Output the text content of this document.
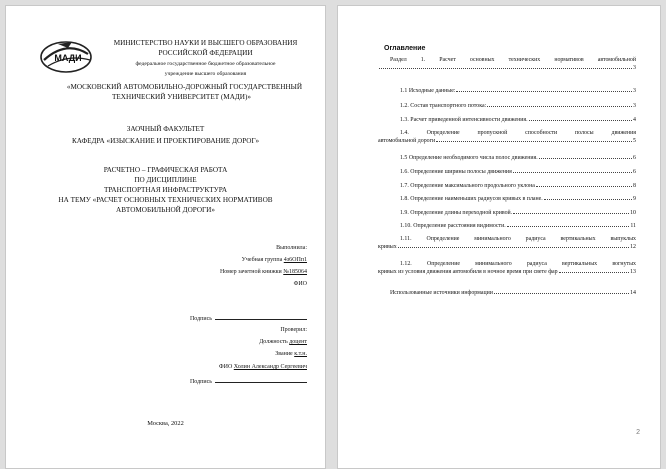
МАДИ
МИНИСТЕРСТВО НАУКИ И ВЫСШЕГО ОБРАЗОВАНИЯ
РОССИЙСКОЙ ФЕДЕРАЦИИ
федеральное государственное бюджетное образовательное
учреждение высшего образования
«МОСКОВСКИЙ АВТОМОБИЛЬНО-ДОРОЖНЫЙ ГОСУДАРСТВЕННЫЙ
ТЕХНИЧЕСКИЙ УНИВЕРСИТЕТ (МАДИ)»
ЗАОЧНЫЙ ФАКУЛЬТЕТ
КАФЕДРА «ИЗЫСКАНИЕ И ПРОЕКТИРОВАНИЕ ДОРОГ»
РАСЧЕТНО – ГРАФИЧЕСКАЯ РАБОТА
ПО ДИСЦИПЛИНЕ
ТРАНСПОРТНАЯ ИНФРАСТРУКТУРА
НА ТЕМУ «РАСЧЕТ ОСНОВНЫХ ТЕХНИЧЕСКИХ НОРМАТИВОВ
АВТОМОБИЛЬНОЙ ДОРОГИ»
Выполнила:
Учебная группа 4з6ОПп1
Номер зачетной книжки №185064
ФИО
Подпись
Проверил:
Должность доцент
Звание к.т.н.
ФИО Холин Александр Сергеевич
Подпись
Москва, 2022
Оглавление
Раздел 1. Расчет основных технических нормативов автомобильной
3
1.1 Исходные данные:	3
1.2. Состав транспортного потока:	3
1.3. Расчет приведенной интенсивности движения.	4
1.4. Определение пропускной способности полосы движения
автомобильной дороги	5
1.5 Определение необходимого числа полос движения.	6
1.6. Определение ширины полосы движения	6
1.7. Определение максимального продольного уклона	8
1.8. Определение наименьших радиусов кривых в плане.	9
1.9. Определение длины переходной кривой.	10
1.10. Определение расстояния видимости.	11
1.11. Определение минимального радиуса вертикальных выпуклых
кривых	12
1.12. Определение минимального радиуса вертикальных вогнутых
кривых из условия движения автомобиля в ночное время при свете фар	13
Использованные источники информации	14
2
